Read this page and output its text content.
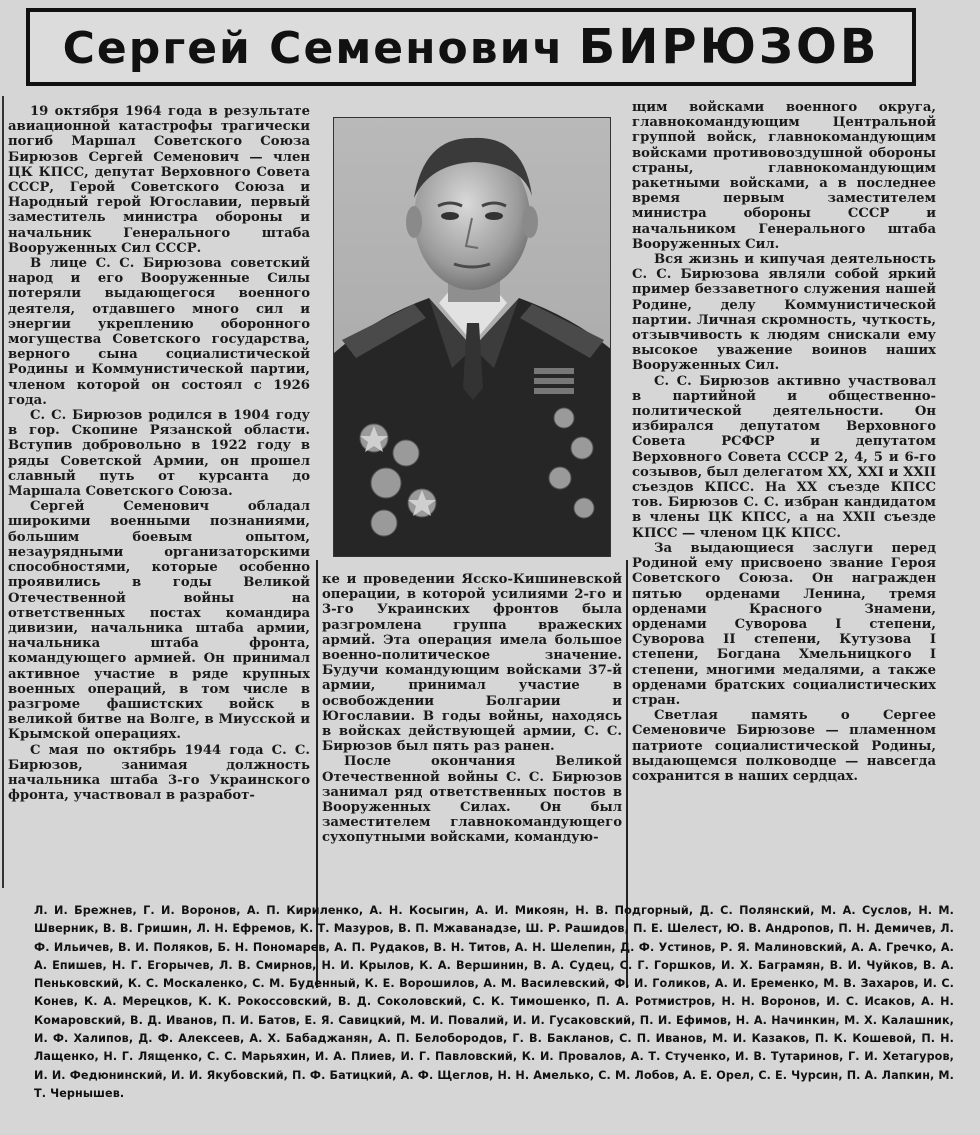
Сергей Семенович БИРЮЗОВ

19 октября 1964 года в результате авиационной катастрофы трагически погиб Маршал Советского Союза Бирюзов Сергей Семенович — член ЦК КПСС, депутат Верховного Совета СССР, Герой Советского Союза и Народный герой Югославии, первый заместитель министра обороны и начальник Генерального штаба Вооруженных Сил СССР.

В лице С. С. Бирюзова советский народ и его Вооруженные Силы потеряли выдающегося военного деятеля, отдавшего много сил и энергии укреплению оборонного могущества Советского государства, верного сына социалистической Родины и Коммунистической партии, членом которой он состоял с 1926 года.

С. С. Бирюзов родился в 1904 году в гор. Скопине Рязанской области. Вступив добровольно в 1922 году в ряды Советской Армии, он прошел славный путь от курсанта до Маршала Советского Союза.

Сергей Семенович обладал широкими военными познаниями, большим боевым опытом, незаурядными организаторскими способностями, которые особенно проявились в годы Великой Отечественной войны на ответственных постах командира дивизии, начальника штаба армии, начальника штаба фронта, командующего армией. Он принимал активное участие в ряде крупных военных операций, в том числе в разгроме фашистских войск в великой битве на Волге, в Миусской и Крымской операциях.

С мая по октябрь 1944 года С. С. Бирюзов, занимая должность начальника штаба 3-го Украинского фронта, участвовал в разработ-

ке и проведении Ясско-Кишиневской операции, в которой усилиями 2-го и 3-го Украинских фронтов была разгромлена группа вражеских армий. Эта операция имела большое военно-политическое значение. Будучи командующим войсками 37-й армии, принимал участие в освобождении Болгарии и Югославии. В годы войны, находясь в войсках действующей армии, С. С. Бирюзов был пять раз ранен.

После окончания Великой Отечественной войны С. С. Бирюзов занимал ряд ответственных постов в Вооруженных Силах. Он был заместителем главнокомандующего сухопутными войсками, командую-

щим войсками военного округа, главнокомандующим Центральной группой войск, главнокомандующим войсками противовоздушной обороны страны, главнокомандующим ракетными войсками, а в последнее время первым заместителем министра обороны СССР и начальником Генерального штаба Вооруженных Сил.

Вся жизнь и кипучая деятельность С. С. Бирюзова являли собой яркий пример беззаветного служения нашей Родине, делу Коммунистической партии. Личная скромность, чуткость, отзывчивость к людям снискали ему высокое уважение воинов наших Вооруженных Сил.

С. С. Бирюзов активно участвовал в партийной и общественно-политической деятельности. Он избирался депутатом Верховного Совета РСФСР и депутатом Верховного Совета СССР 2, 4, 5 и 6-го созывов, был делегатом XX, XXI и XXII съездов КПСС. На XX съезде КПСС тов. Бирюзов С. С. избран кандидатом в члены ЦК КПСС, а на XXII съезде КПСС — членом ЦК КПСС.

За выдающиеся заслуги перед Родиной ему присвоено звание Героя Советского Союза. Он награжден пятью орденами Ленина, тремя орденами Красного Знамени, орденами Суворова I степени, Суворова II степени, Кутузова I степени, Богдана Хмельницкого I степени, многими медалями, а также орденами братских социалистических стран.

Светлая память о Сергее Семеновиче Бирюзове — пламенном патриоте социалистической Родины, выдающемся полководце — навсегда сохранится в наших сердцах.

Л. И. Брежнев, Г. И. Воронов, А. П. Кириленко, А. Н. Косыгин, А. И. Микоян, Н. В. Подгорный, Д. С. Полянский, М. А. Суслов, Н. М. Шверник, В. В. Гришин, Л. Н. Ефремов, К. Т. Мазуров, В. П. Мжаванадзе, Ш. Р. Рашидов, П. Е. Шелест, Ю. В. Андропов, П. Н. Демичев, Л. Ф. Ильичев, В. И. Поляков, Б. Н. Пономарев, А. П. Рудаков, В. Н. Титов, А. Н. Шелепин, Д. Ф. Устинов, Р. Я. Малиновский, А. А. Гречко, А. А. Епишев, Н. Г. Егорычев, Л. В. Смирнов, Н. И. Крылов, К. А. Вершинин, В. А. Судец, С. Г. Горшков, И. Х. Баграмян, В. И. Чуйков, В. А. Пеньковский, К. С. Москаленко, С. М. Буденный, К. Е. Ворошилов, А. М. Василевский, Ф. И. Голиков, А. И. Еременко, М. В. Захаров, И. С. Конев, К. А. Мерецков, К. К. Рокоссовский, В. Д. Соколовский, С. К. Тимошенко, П. А. Ротмистров, Н. Н. Воронов, И. С. Исаков, А. Н. Комаровский, В. Д. Иванов, П. И. Батов, Е. Я. Савицкий, М. И. Повалий, И. И. Гусаковский, П. И. Ефимов, Н. А. Начинкин, М. Х. Калашник, И. Ф. Халипов, Д. Ф. Алексеев, А. Х. Бабаджанян, А. П. Белобородов, Г. В. Бакланов, С. П. Иванов, М. И. Казаков, П. К. Кошевой, П. Н. Лащенко, Н. Г. Лященко, С. С. Марьяхин, И. А. Плиев, И. Г. Павловский, К. И. Провалов, А. Т. Стученко, И. В. Тутаринов, Г. И. Хетагуров, И. И. Федюнинский, И. И. Якубовский, П. Ф. Батицкий, А. Ф. Щеглов, Н. Н. Амелько, С. М. Лобов, А. Е. Орел, С. Е. Чурсин, П. А. Лапкин, М. Т. Чернышев.
